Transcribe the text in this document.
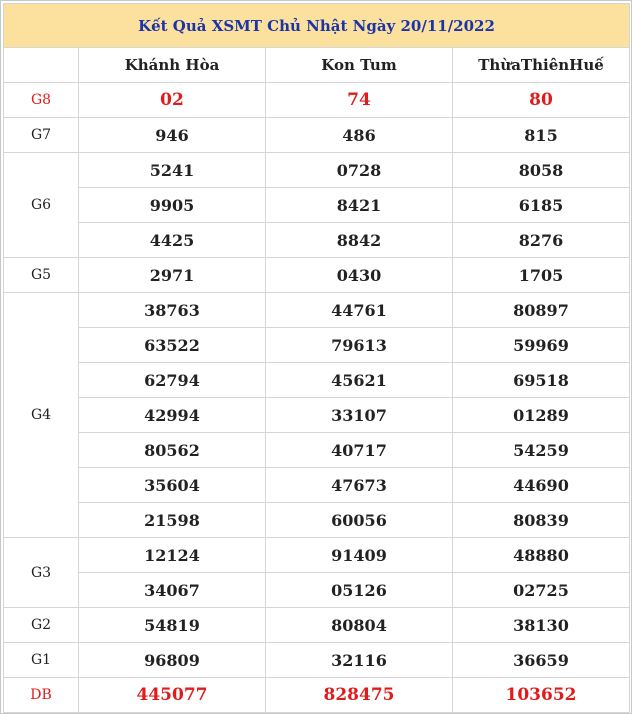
Kết Quả XSMT Chủ Nhật Ngày 20/11/2022			
	Khánh Hòa	Kon Tum	ThừaThiênHuế
G8	02	74	80
G7	946	486	815
G6	5241	0728	8058
	9905	8421	6185
	4425	8842	8276
G5	2971	0430	1705
G4	38763	44761	80897
	63522	79613	59969
	62794	45621	69518
	42994	33107	01289
	80562	40717	54259
	35604	47673	44690
	21598	60056	80839
G3	12124	91409	48880
	34067	05126	02725
G2	54819	80804	38130
G1	96809	32116	36659
DB	445077	828475	103652
